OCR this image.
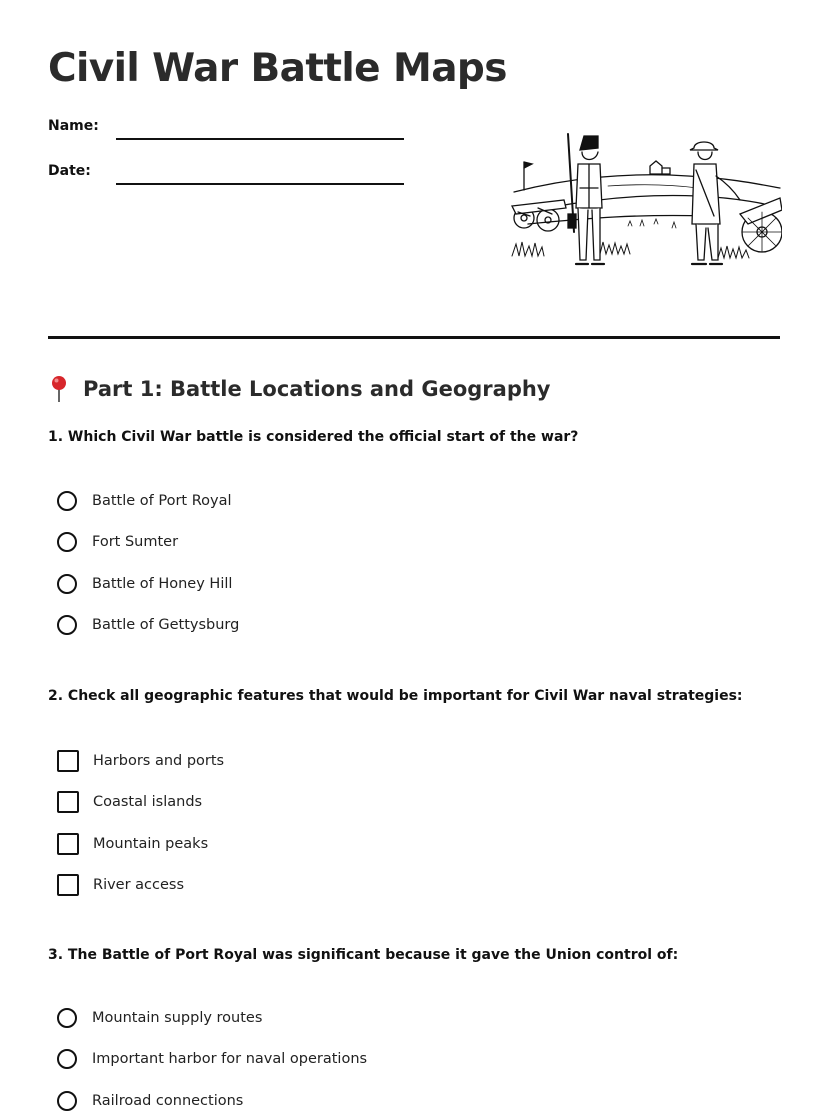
Civil War Battle Maps
Name:
Date:
Part 1: Battle Locations and Geography
1. Which Civil War battle is considered the official start of the war?
Battle of Port Royal
Fort Sumter
Battle of Honey Hill
Battle of Gettysburg
2. Check all geographic features that would be important for Civil War naval strategies:
Harbors and ports
Coastal islands
Mountain peaks
River access
3. The Battle of Port Royal was significant because it gave the Union control of:
Mountain supply routes
Important harbor for naval operations
Railroad connections
